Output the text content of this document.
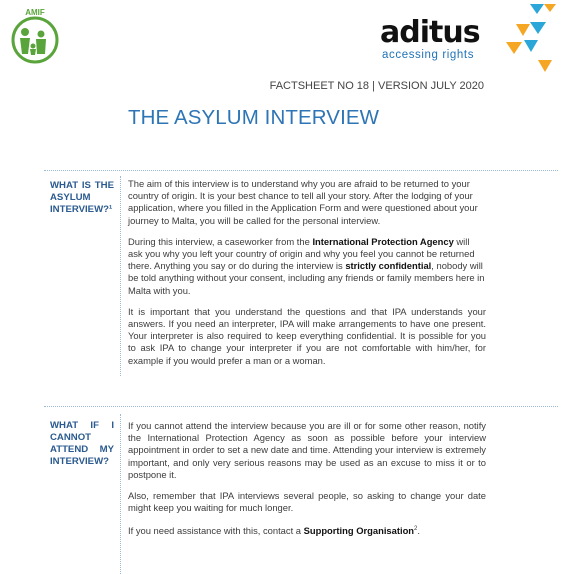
AMIF
aditus
accessing rights
FACTSHEET NO 18 | VERSION JULY 2020
THE ASYLUM INTERVIEW
WHAT IS THE
ASYLUM
INTERVIEW?¹

The aim of this interview is to understand why you are afraid to be returned to your country of origin. It is your best chance to tell all your story. After the lodging of your application, where you filled in the Application Form and were questioned about your journey to Malta, you will be called for the personal interview.

During this interview, a caseworker from the International Protection Agency will ask you why you left your country of origin and why you feel you cannot be returned there. Anything you say or do during the interview is strictly confidential, nobody will be told anything without your consent, including any friends or family members here in Malta with you.

It is important that you understand the questions and that IPA understands your answers. If you need an interpreter, IPA will make arrangements to have one present. Your interpreter is also required to keep everything confidential. It is possible for you to ask IPA to change your interpreter if you are not comfortable with him/her, for example if you would prefer a man or a woman.

WHAT IF I
CANNOT
ATTEND MY
INTERVIEW?

If you cannot attend the interview because you are ill or for some other reason, notify the International Protection Agency as soon as possible before your interview appointment in order to set a new date and time. Attending your interview is extremely important, and only very serious reasons may be used as an excuse to miss it or to postpone it.

Also, remember that IPA interviews several people, so asking to change your date might keep you waiting for much longer.

If you need assistance with this, contact a Supporting Organisation$^2$.
